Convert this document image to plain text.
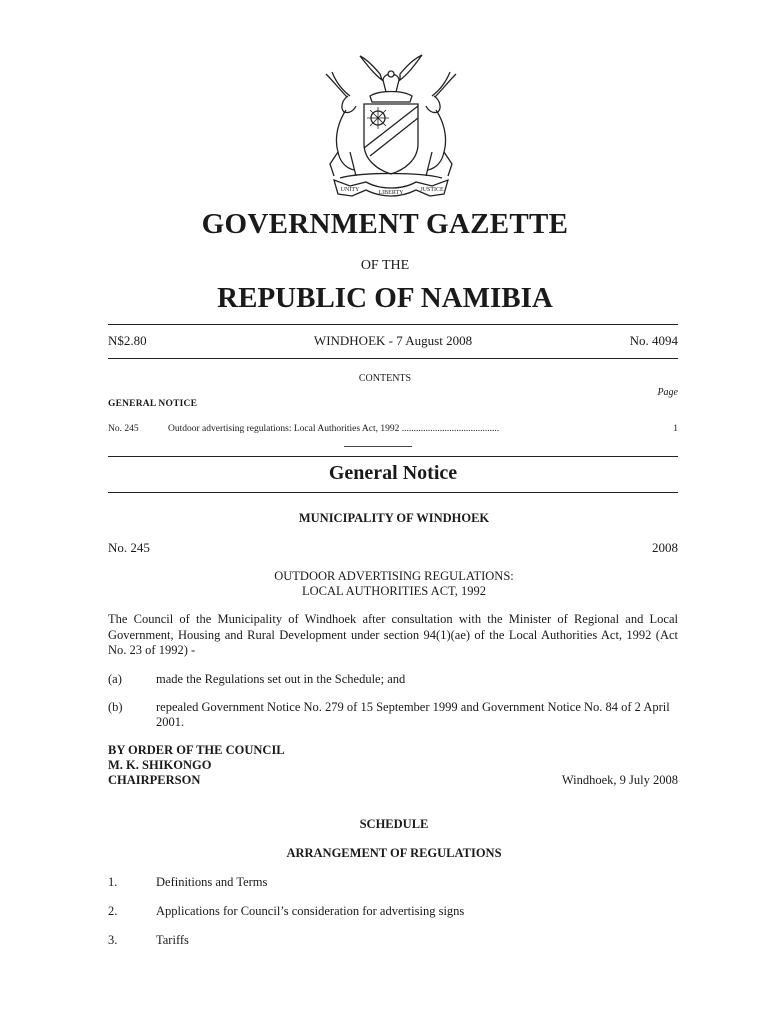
UNITY	LIBERTY	JUSTICE
GOVERNMENT GAZETTE
OF THE
REPUBLIC OF NAMIBIA
N$2.80	WINDHOEK - 7 August 2008	No. 4094
CONTENTS
Page
GENERAL NOTICE
No. 245	Outdoor advertising regulations: Local Authorities Act, 1992 .........................................	1
General Notice
MUNICIPALITY OF WINDHOEK
No. 245	2008
OUTDOOR ADVERTISING REGULATIONS:
LOCAL AUTHORITIES ACT, 1992
The Council of the Municipality of Windhoek after consultation with the Minister of Regional and Local Government, Housing and Rural Development under section 94(1)(ae) of the Local Authorities Act, 1992 (Act No. 23 of 1992) -
(a)	made the Regulations set out in the Schedule; and
(b)	repealed Government Notice No. 279 of 15 September 1999 and Government Notice No. 84 of 2 April 2001.
BY ORDER OF THE COUNCIL
M. K. SHIKONGO
CHAIRPERSON	Windhoek, 9 July 2008
SCHEDULE
ARRANGEMENT OF REGULATIONS
1.	Definitions and Terms
2.	Applications for Council’s consideration for advertising signs
3.	Tariffs
